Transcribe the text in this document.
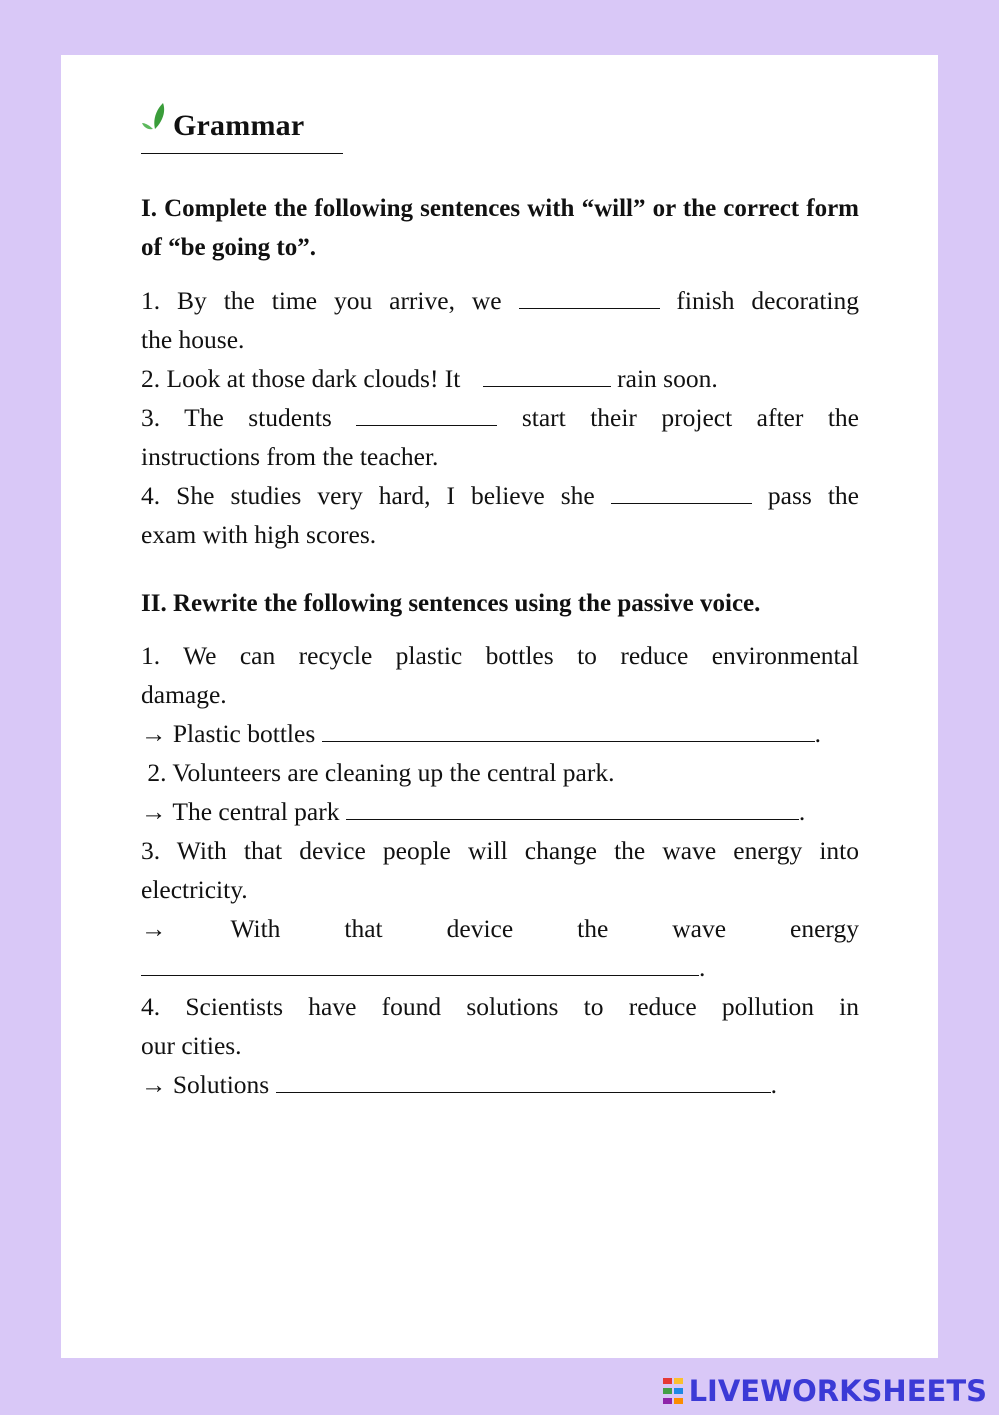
Grammar
I. Complete the following sentences with “will” or the correct form of “be going to”.
1. By the time you arrive, we	finish decorating
the house.
2. Look at those dark clouds! It	rain soon.
3. The students	start their project after the
instructions from the teacher.
4. She studies very hard, I believe she	pass the
exam with high scores.
II. Rewrite the following sentences using the passive voice.
1. We can recycle plastic bottles to reduce environmental
damage.
→ Plastic bottles	.
2. Volunteers are cleaning up the central park.
→ The central park	.
3. With that device people will change the wave energy into
electricity.
→	With	that	device	the	wave	energy
.
4. Scientists have found solutions to reduce pollution in
our cities.
→ Solutions	.
LIVEWORKSHEETS
